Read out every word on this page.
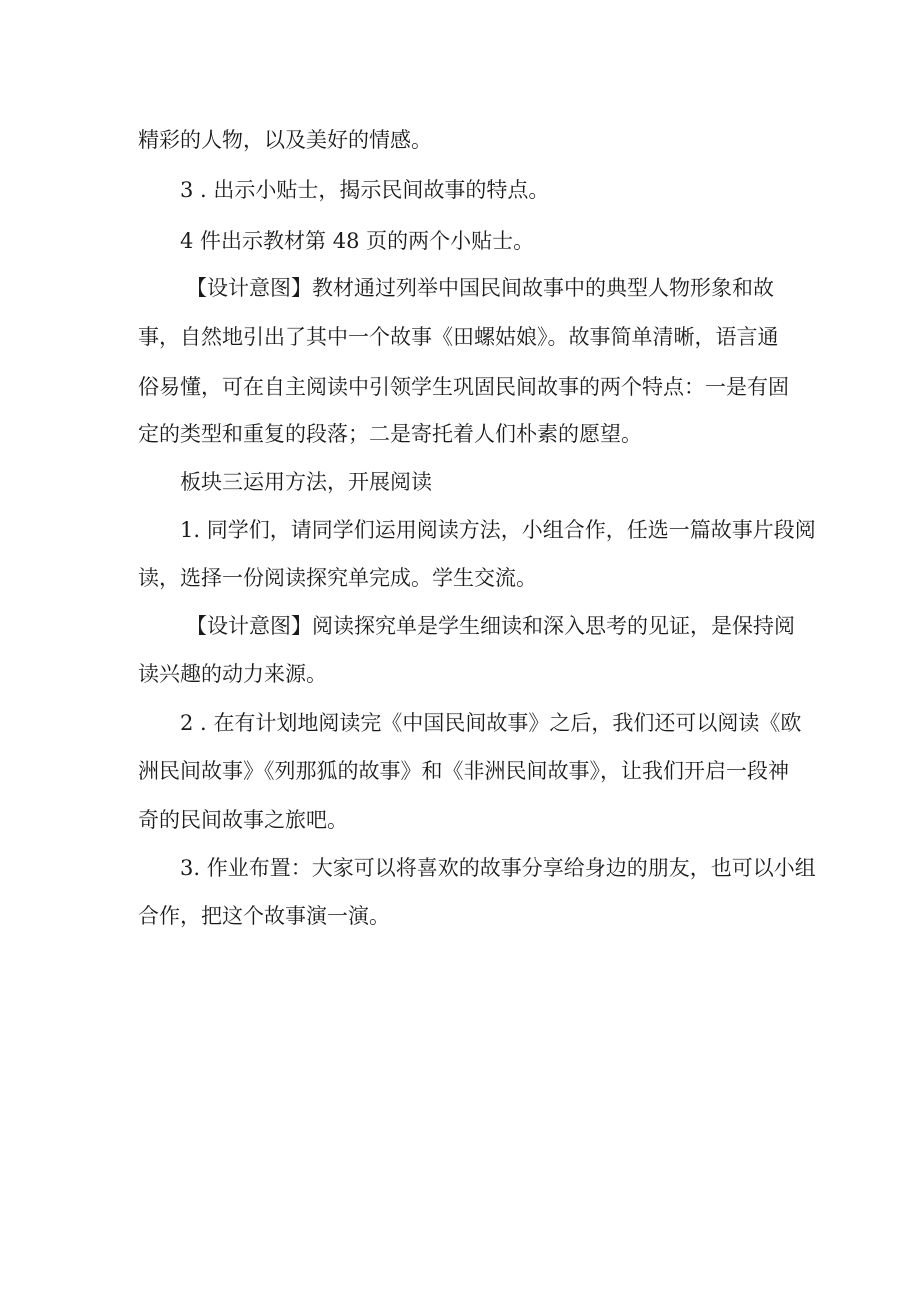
精彩的人物，以及美好的情感。
3 . 出示小贴士，揭示民间故事的特点。
4 件出示教材第 48 页的两个小贴士。
【设计意图】教材通过列举中国民间故事中的典型人物形象和故
事，自然地引出了其中一个故事《田螺姑娘》。故事简单清晰，语言通
俗易懂，可在自主阅读中引领学生巩固民间故事的两个特点：一是有固
定的类型和重复的段落；二是寄托着人们朴素的愿望。
板块三运用方法，开展阅读
1. 同学们，请同学们运用阅读方法，小组合作，任选一篇故事片段阅
读，选择一份阅读探究单完成。学生交流。
【设计意图】阅读探究单是学生细读和深入思考的见证，是保持阅
读兴趣的动力来源。
2 . 在有计划地阅读完《中国民间故事》之后，我们还可以阅读《欧
洲民间故事》《列那狐的故事》和《非洲民间故事》，让我们开启一段神
奇的民间故事之旅吧。
3. 作业布置：大家可以将喜欢的故事分享给身边的朋友，也可以小组
合作，把这个故事演一演。
